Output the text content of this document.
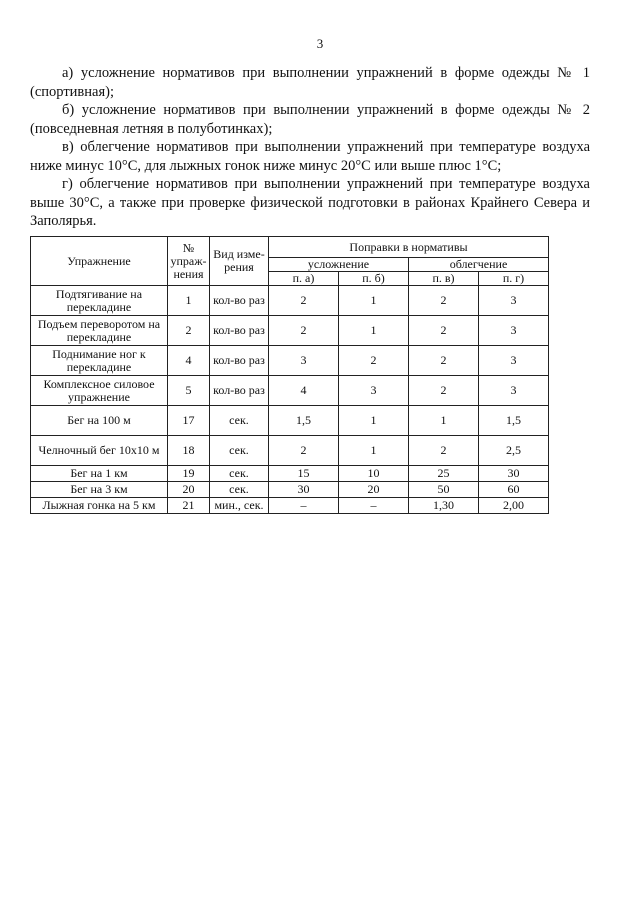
3

а) усложнение нормативов при выполнении упражнений в форме одежды № 1 (спортивная);

б) усложнение нормативов при выполнении упражнений в форме одежды № 2 (повседневная летняя в полуботинках);

в) облегчение нормативов при выполнении упражнений при температуре воздуха ниже минус 10°С, для лыжных гонок ниже минус 20°С или выше плюс 1°С;

г) облегчение нормативов при выполнении упражнений при температуре воздуха выше 30°С, а также при проверке физической подготовки в районах Крайнего Севера и Заполярья.

Упражнение	№ упраж-нения	Вид изме-рения	Поправки в нормативы			
			усложнение		облегчение	
			п. а)	п. б)	п. в)	п. г)
Подтягивание на перекладине	1	кол-во раз	2	1	2	3
Подъем переворотом на перекладине	2	кол-во раз	2	1	2	3
Поднимание ног к перекладине	4	кол-во раз	3	2	2	3
Комплексное силовое упражнение	5	кол-во раз	4	3	2	3
Бег на 100 м	17	сек.	1,5	1	1	1,5
Челночный бег 10х10 м	18	сек.	2	1	2	2,5
Бег на 1 км	19	сек.	15	10	25	30
Бег на 3 км	20	сек.	30	20	50	60
Лыжная гонка на 5 км	21	мин., сек.	–	–	1,30	2,00
